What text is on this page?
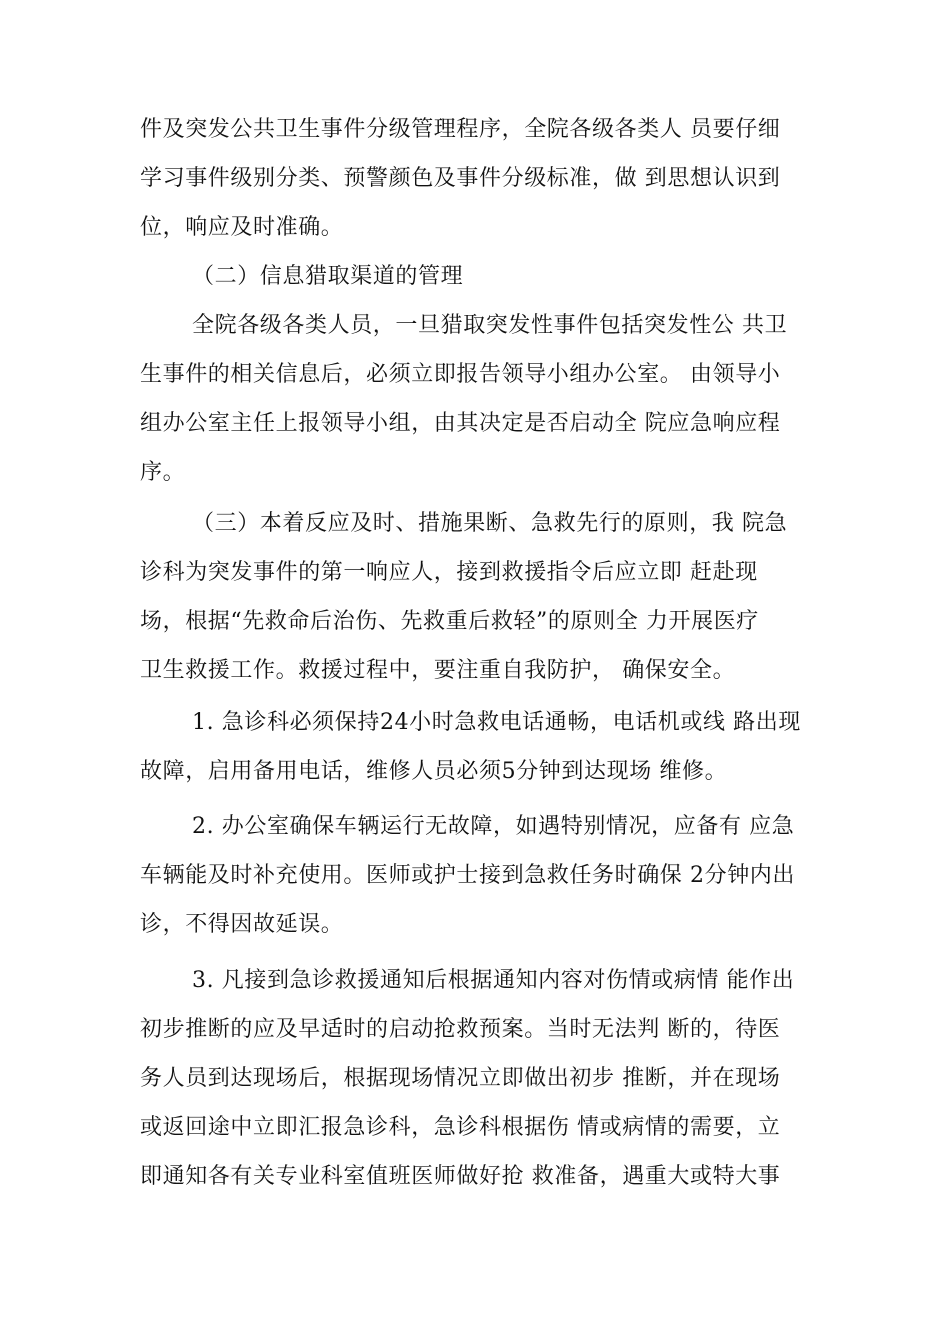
件及突发公共卫生事件分级管理程序，全院各级各类人 员要仔细
学习事件级别分类、预警颜色及事件分级标准，做 到思想认识到
位，响应及时准确。
（二）信息猎取渠道的管理
全院各级各类人员，一旦猎取突发性事件包括突发性公 共卫
生事件的相关信息后，必须立即报告领导小组办公室。 由领导小
组办公室主任上报领导小组，由其决定是否启动全 院应急响应程
序。
（三）本着反应及时、措施果断、急救先行的原则，我 院急
诊科为突发事件的第一响应人，接到救援指令后应立即 赶赴现
场，根据“先救命后治伤、先救重后救轻”的原则全 力开展医疗
卫生救援工作。救援过程中，要注重自我防护， 确保安全。
1. 急诊科必须保持24小时急救电话通畅，电话机或线 路出现
故障，启用备用电话，维修人员必须5分钟到达现场 维修。
2. 办公室确保车辆运行无故障，如遇特别情况，应备有 应急
车辆能及时补充使用。医师或护士接到急救任务时确保 2分钟内出
诊，不得因故延误。
3. 凡接到急诊救援通知后根据通知内容对伤情或病情 能作出
初步推断的应及早适时的启动抢救预案。当时无法判 断的，待医
务人员到达现场后，根据现场情况立即做出初步 推断，并在现场
或返回途中立即汇报急诊科，急诊科根据伤 情或病情的需要，立
即通知各有关专业科室值班医师做好抢 救准备，遇重大或特大事
